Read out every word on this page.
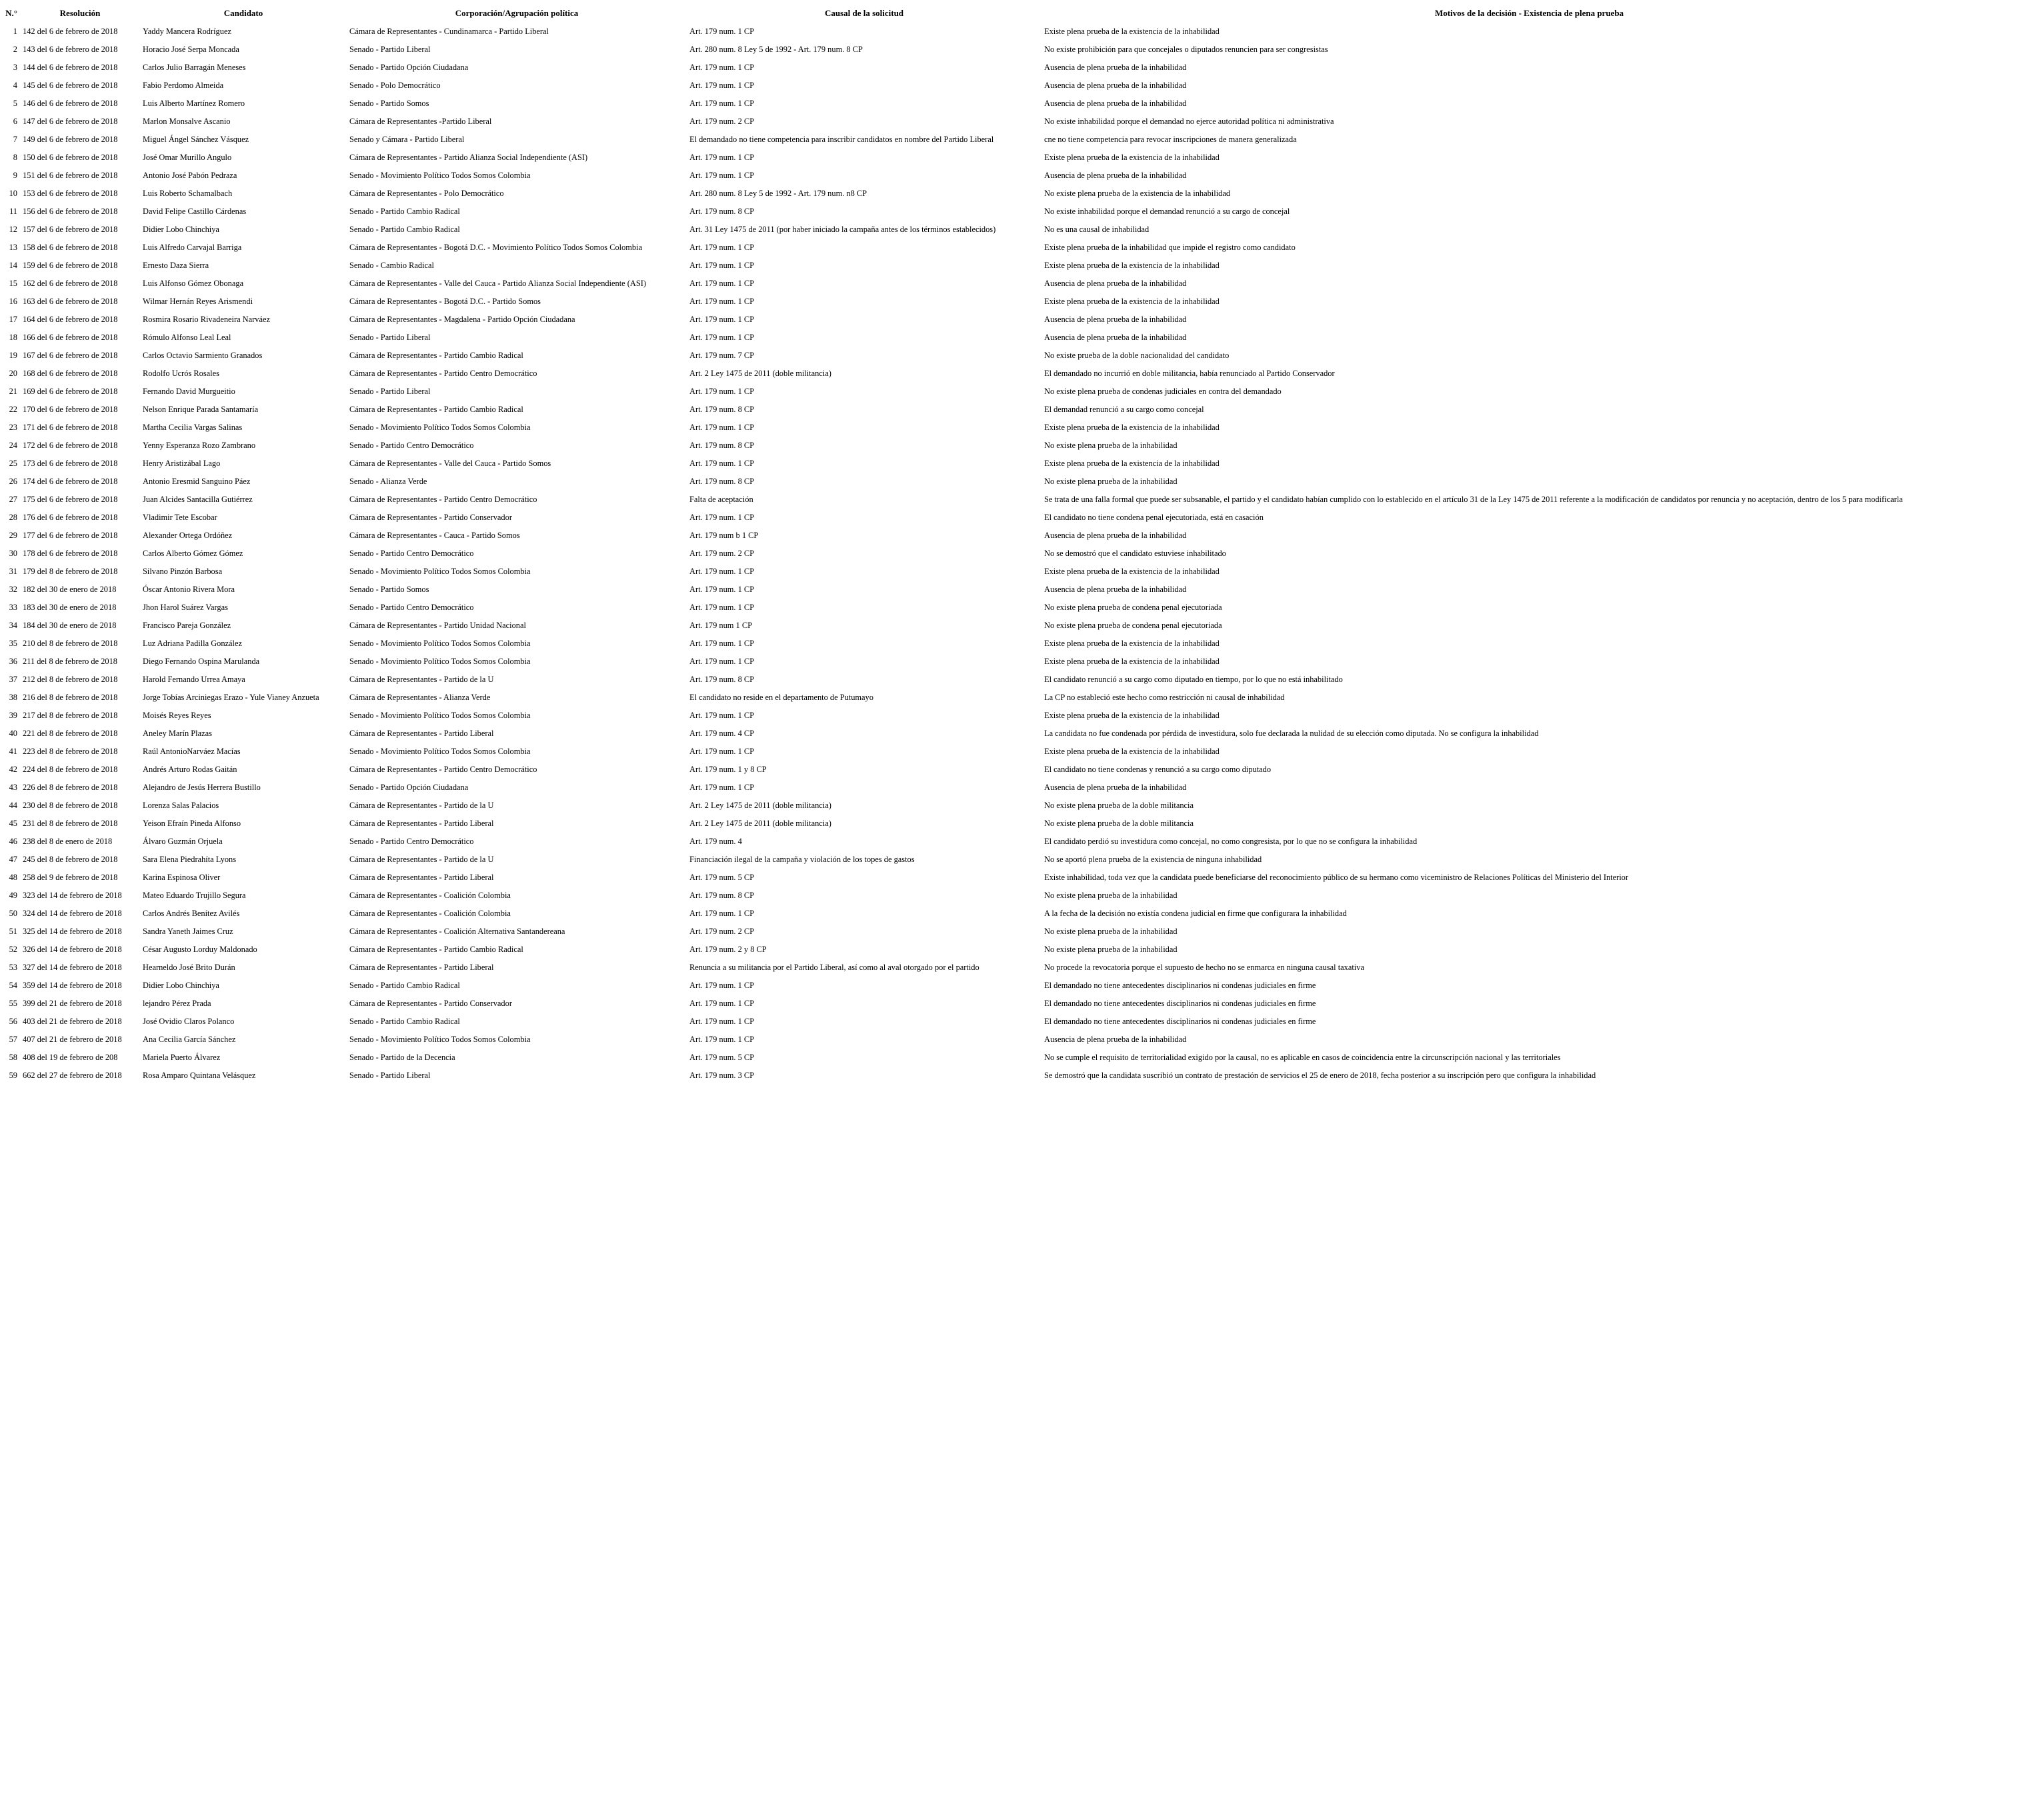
N.°	Resolución	Candidato	Corporación/Agrupación política	Causal de la solicitud	Motivos de la decisión - Existencia de plena prueba
1	142 del 6 de febrero de 2018	Yaddy Mancera Rodríguez	Cámara de Representantes - Cundinamarca - Partido Liberal	Art. 179 num. 1 CP	Existe plena prueba de la existencia de la inhabilidad
2	143 del 6 de febrero de 2018	Horacio José Serpa Moncada	Senado - Partido Liberal	Art. 280 num. 8 Ley 5 de 1992 - Art. 179 num. 8 CP	No existe prohibición para que concejales o diputados renuncien para ser congresistas
3	144 del 6 de febrero de 2018	Carlos Julio Barragán Meneses	Senado - Partido Opción Ciudadana	Art. 179 num. 1 CP	Ausencia de plena prueba de la inhabilidad
4	145 del 6 de febrero de 2018	Fabio Perdomo Almeida	Senado - Polo Democrático	Art. 179 num. 1 CP	Ausencia de plena prueba de la inhabilidad
5	146 del 6 de febrero de 2018	Luis Alberto Martínez Romero	Senado - Partido Somos	Art. 179 num. 1 CP	Ausencia de plena prueba de la inhabilidad
6	147 del 6 de febrero de 2018	Marlon Monsalve Ascanio	Cámara de Representantes -Partido Liberal	Art. 179 num. 2 CP	No existe inhabilidad porque el demandad no ejerce autoridad política ni administrativa
7	149 del 6 de febrero de 2018	Miguel Ángel Sánchez Vásquez	Senado y Cámara - Partido Liberal	El demandado no tiene competencia para inscribir candidatos en nombre del Partido Liberal	cne no tiene competencia para revocar inscripciones de manera generalizada
8	150 del 6 de febrero de 2018	José Omar Murillo Angulo	Cámara de Representantes - Partido Alianza Social Independiente (ASI)	Art. 179 num. 1 CP	Existe plena prueba de la existencia de la inhabilidad
9	151 del 6 de febrero de 2018	Antonio José Pabón Pedraza	Senado - Movimiento Político Todos Somos Colombia	Art. 179 num. 1 CP	Ausencia de plena prueba de la inhabilidad
10	153 del 6 de febrero de 2018	Luis Roberto Schamalbach	Cámara de Representantes - Polo Democrático	Art. 280 num. 8 Ley 5 de 1992 - Art. 179 num. n8 CP	No existe plena prueba de la existencia de la inhabilidad
11	156 del 6 de febrero de 2018	David Felipe Castillo Cárdenas	Senado - Partido Cambio Radical	Art. 179 num. 8 CP	No existe inhabilidad porque el demandad renunció a su cargo de concejal
12	157 del 6 de febrero de 2018	Didier Lobo Chinchiya	Senado - Partido Cambio Radical	Art. 31 Ley 1475 de 2011 (por haber iniciado la campaña antes de los términos establecidos)	No es una causal de inhabilidad
13	158 del 6 de febrero de 2018	Luis Alfredo Carvajal Barriga	Cámara de Representantes - Bogotá D.C. - Movimiento Político Todos Somos Colombia	Art. 179 num. 1 CP	Existe plena prueba de la inhabilidad que impide el registro como candidato
14	159 del 6 de febrero de 2018	Ernesto Daza Sierra	Senado - Cambio Radical	Art. 179 num. 1 CP	Existe plena prueba de la existencia de la inhabilidad
15	162 del 6 de febrero de 2018	Luis Alfonso Gómez Obonaga	Cámara de Representantes - Valle del Cauca - Partido Alianza Social Independiente (ASI)	Art. 179 num. 1 CP	Ausencia de plena prueba de la inhabilidad
16	163 del 6 de febrero de 2018	Wilmar Hernán Reyes Arismendi	Cámara de Representantes - Bogotá D.C. - Partido Somos	Art. 179 num. 1 CP	Existe plena prueba de la existencia de la inhabilidad
17	164 del 6 de febrero de 2018	Rosmira Rosario Rivadeneira Narváez	Cámara de Representantes - Magdalena - Partido Opción Ciudadana	Art. 179 num. 1 CP	Ausencia de plena prueba de la inhabilidad
18	166 del 6 de febrero de 2018	Rómulo Alfonso Leal Leal	Senado - Partido Liberal	Art. 179 num. 1 CP	Ausencia de plena prueba de la inhabilidad
19	167 del 6 de febrero de 2018	Carlos Octavio Sarmiento Granados	Cámara de Representantes - Partido Cambio Radical	Art. 179 num. 7 CP	No existe prueba de la doble nacionalidad del candidato
20	168 del 6 de febrero de 2018	Rodolfo Ucrós Rosales	Cámara de Representantes - Partido Centro Democrático	Art. 2 Ley 1475 de 2011 (doble militancia)	El demandado no incurrió en doble militancia, había renunciado al Partido Conservador
21	169 del 6 de febrero de 2018	Fernando David Murgueitio	Senado - Partido Liberal	Art. 179 num. 1 CP	No existe plena prueba de condenas judiciales en contra del demandado
22	170 del 6 de febrero de 2018	Nelson Enrique Parada Santamaría	Cámara de Representantes - Partido Cambio Radical	Art. 179 num. 8 CP	El demandad renunció a su cargo como concejal
23	171 del 6 de febrero de 2018	Martha Cecilia Vargas Salinas	Senado - Movimiento Político Todos Somos Colombia	Art. 179 num. 1 CP	Existe plena prueba de la existencia de la inhabilidad
24	172 del 6 de febrero de 2018	Yenny Esperanza Rozo Zambrano	Senado - Partido Centro Democrático	Art. 179 num. 8 CP	No existe plena prueba de la inhabilidad
25	173 del 6 de febrero de 2018	Henry Aristizábal Lago	Cámara de Representantes - Valle del Cauca - Partido Somos	Art. 179 num. 1 CP	Existe plena prueba de la existencia de la inhabilidad
26	174 del 6 de febrero de 2018	Antonio Eresmid Sanguino Páez	Senado - Alianza Verde	Art. 179 num. 8 CP	No existe plena prueba de la inhabilidad
27	175 del 6 de febrero de 2018	Juan Alcides Santacilla Gutiérrez	Cámara de Representantes - Partido Centro Democrático	Falta de aceptación	Se trata de una falla formal que puede ser subsanable, el partido y el candidato habían cumplido con lo establecido en el artículo 31 de la Ley 1475 de 2011 referente a la modificación de candidatos por renuncia y no aceptación, dentro de los 5 para modificarla
28	176 del 6 de febrero de 2018	Vladimir Tete Escobar	Cámara de Representantes - Partido Conservador	Art. 179 num. 1 CP	El candidato no tiene condena penal ejecutoriada, está en casación
29	177 del 6 de febrero de 2018	Alexander Ortega Ordóñez	Cámara de Representantes - Cauca - Partido Somos	Art. 179 num b 1 CP	Ausencia de plena prueba de la inhabilidad
30	178 del 6 de febrero de 2018	Carlos Alberto Gómez Gómez	Senado - Partido Centro Democrático	Art. 179 num. 2 CP	No se demostró que el candidato estuviese inhabilitado
31	179 del 8 de febrero de 2018	Silvano Pinzón Barbosa	Senado - Movimiento Político Todos Somos Colombia	Art. 179 num. 1 CP	Existe plena prueba de la existencia de la inhabilidad
32	182 del 30 de enero de 2018	Óscar Antonio Rivera Mora	Senado - Partido Somos	Art. 179 num. 1 CP	Ausencia de plena prueba de la inhabilidad
33	183 del 30 de enero de 2018	Jhon Harol Suárez Vargas	Senado - Partido Centro Democrático	Art. 179 num. 1 CP	No existe plena prueba de condena penal ejecutoriada
34	184 del 30 de enero de 2018	Francisco Pareja González	Cámara de Representantes - Partido Unidad Nacional	Art. 179 num 1 CP	No existe plena prueba de condena penal ejecutoriada
35	210 del 8 de febrero de 2018	Luz Adriana Padilla González	Senado - Movimiento Político Todos Somos Colombia	Art. 179 num. 1 CP	Existe plena prueba de la existencia de la inhabilidad
36	211 del 8 de febrero de 2018	Diego Fernando Ospina Marulanda	Senado - Movimiento Político Todos Somos Colombia	Art. 179 num. 1 CP	Existe plena prueba de la existencia de la inhabilidad
37	212 del 8 de febrero de 2018	Harold Fernando Urrea Amaya	Cámara de Representantes - Partido de la U	Art. 179 num. 8 CP	El candidato renunció a su cargo como diputado en tiempo, por lo que no está inhabilitado
38	216 del 8 de febrero de 2018	Jorge Tobías Arciniegas Erazo - Yule Vianey Anzueta	Cámara de Representantes - Alianza Verde	El candidato no reside en el departamento de Putumayo	La CP no estableció este hecho como restricción ni causal de inhabilidad
39	217 del 8 de febrero de 2018	Moisés Reyes Reyes	Senado - Movimiento Político Todos Somos Colombia	Art. 179 num. 1 CP	Existe plena prueba de la existencia de la inhabilidad
40	221 del 8 de febrero de 2018	Aneley Marín Plazas	Cámara de Representantes - Partido Liberal	Art. 179 num. 4 CP	La candidata no fue condenada por pérdida de investidura, solo fue declarada la nulidad de su elección como diputada. No se configura la inhabilidad
41	223 del 8 de febrero de 2018	Raúl AntonioNarváez Macías	Senado - Movimiento Político Todos Somos Colombia	Art. 179 num. 1 CP	Existe plena prueba de la existencia de la inhabilidad
42	224 del 8 de febrero de 2018	Andrés Arturo Rodas Gaitán	Cámara de Representantes - Partido Centro Democrático	Art. 179 num. 1 y 8 CP	El candidato no tiene condenas y renunció a su cargo como diputado
43	226 del 8 de febrero de 2018	Alejandro de Jesús Herrera Bustillo	Senado - Partido Opción Ciudadana	Art. 179 num. 1 CP	Ausencia de plena prueba de la inhabilidad
44	230 del 8 de febrero de 2018	Lorenza Salas Palacios	Cámara de Representantes - Partido de la U	Art. 2 Ley 1475 de 2011 (doble militancia)	No existe plena prueba de la doble militancia
45	231 del 8 de febrero de 2018	Yeison Efraín Pineda Alfonso	Cámara de Representantes - Partido Liberal	Art. 2 Ley 1475 de 2011 (doble militancia)	No existe plena prueba de la doble militancia
46	238 del 8 de enero de 2018	Álvaro Guzmán Orjuela	Senado - Partido Centro Democrático	Art. 179 num. 4	El candidato perdió su investidura como concejal, no como congresista, por lo que no se configura la inhabilidad
47	245 del 8 de febrero de 2018	Sara Elena Piedrahíta Lyons	Cámara de Representantes - Partido de la U	Financiación ilegal de la campaña y violación de los topes de gastos	No se aportó plena prueba de la existencia de ninguna inhabilidad
48	258 del 9 de febrero de 2018	Karina Espinosa Oliver	Cámara de Representantes - Partido Liberal	Art. 179 num. 5 CP	Existe inhabilidad, toda vez que la candidata puede beneficiarse del reconocimiento público de su hermano como viceministro de Relaciones Políticas del Ministerio del Interior
49	323 del 14 de febrero de 2018	Mateo Eduardo Trujillo Segura	Cámara de Representantes - Coalición Colombia	Art. 179 num. 8 CP	No existe plena prueba de la inhabilidad
50	324 del 14 de febrero de 2018	Carlos Andrés Benítez Avilés	Cámara de Representantes - Coalición Colombia	Art. 179 num. 1 CP	A la fecha de la decisión no existía condena judicial en firme que configurara la inhabilidad
51	325 del 14 de febrero de 2018	Sandra Yaneth Jaimes Cruz	Cámara de Representantes - Coalición Alternativa Santandereana	Art. 179 num. 2 CP	No existe plena prueba de la inhabilidad
52	326 del 14 de febrero de 2018	César Augusto Lorduy Maldonado	Cámara de Representantes - Partido Cambio Radical	Art. 179 num. 2 y 8 CP	No existe plena prueba de la inhabilidad
53	327 del 14 de febrero de 2018	Hearneldo José Brito Durán	Cámara de Representantes - Partido Liberal	Renuncia a su militancia por el Partido Liberal, así como al aval otorgado por el partido	No procede la revocatoria porque el supuesto de hecho no se enmarca en ninguna causal taxativa
54	359 del 14 de febrero de 2018	Didier Lobo Chinchiya	Senado - Partido Cambio Radical	Art. 179 num. 1 CP	El demandado no tiene antecedentes disciplinarios ni condenas judiciales en firme
55	399 del 21 de febrero de 2018	lejandro Pérez Prada	Cámara de Representantes - Partido Conservador	Art. 179 num. 1 CP	El demandado no tiene antecedentes disciplinarios ni condenas judiciales en firme
56	403 del 21 de febrero de 2018	José Ovidio Claros Polanco	Senado - Partido Cambio Radical	Art. 179 num. 1 CP	El demandado no tiene antecedentes disciplinarios ni condenas judiciales en firme
57	407 del 21 de febrero de 2018	Ana Cecilia García Sánchez	Senado - Movimiento Político Todos Somos Colombia	Art. 179 num. 1 CP	Ausencia de plena prueba de la inhabilidad
58	408 del 19 de febrero de 208	Mariela Puerto Álvarez	Senado - Partido de la Decencia	Art. 179 num. 5 CP	No se cumple el requisito de territorialidad exigido por la causal, no es aplicable en casos de coincidencia entre la circunscripción nacional y las territoriales
59	662 del 27 de febrero de 2018	Rosa Amparo Quintana Velásquez	Senado - Partido Liberal	Art. 179 num. 3 CP	Se demostró que la candidata suscribió un contrato de prestación de servicios el 25 de enero de 2018, fecha posterior a su inscripción pero que configura la inhabilidad
